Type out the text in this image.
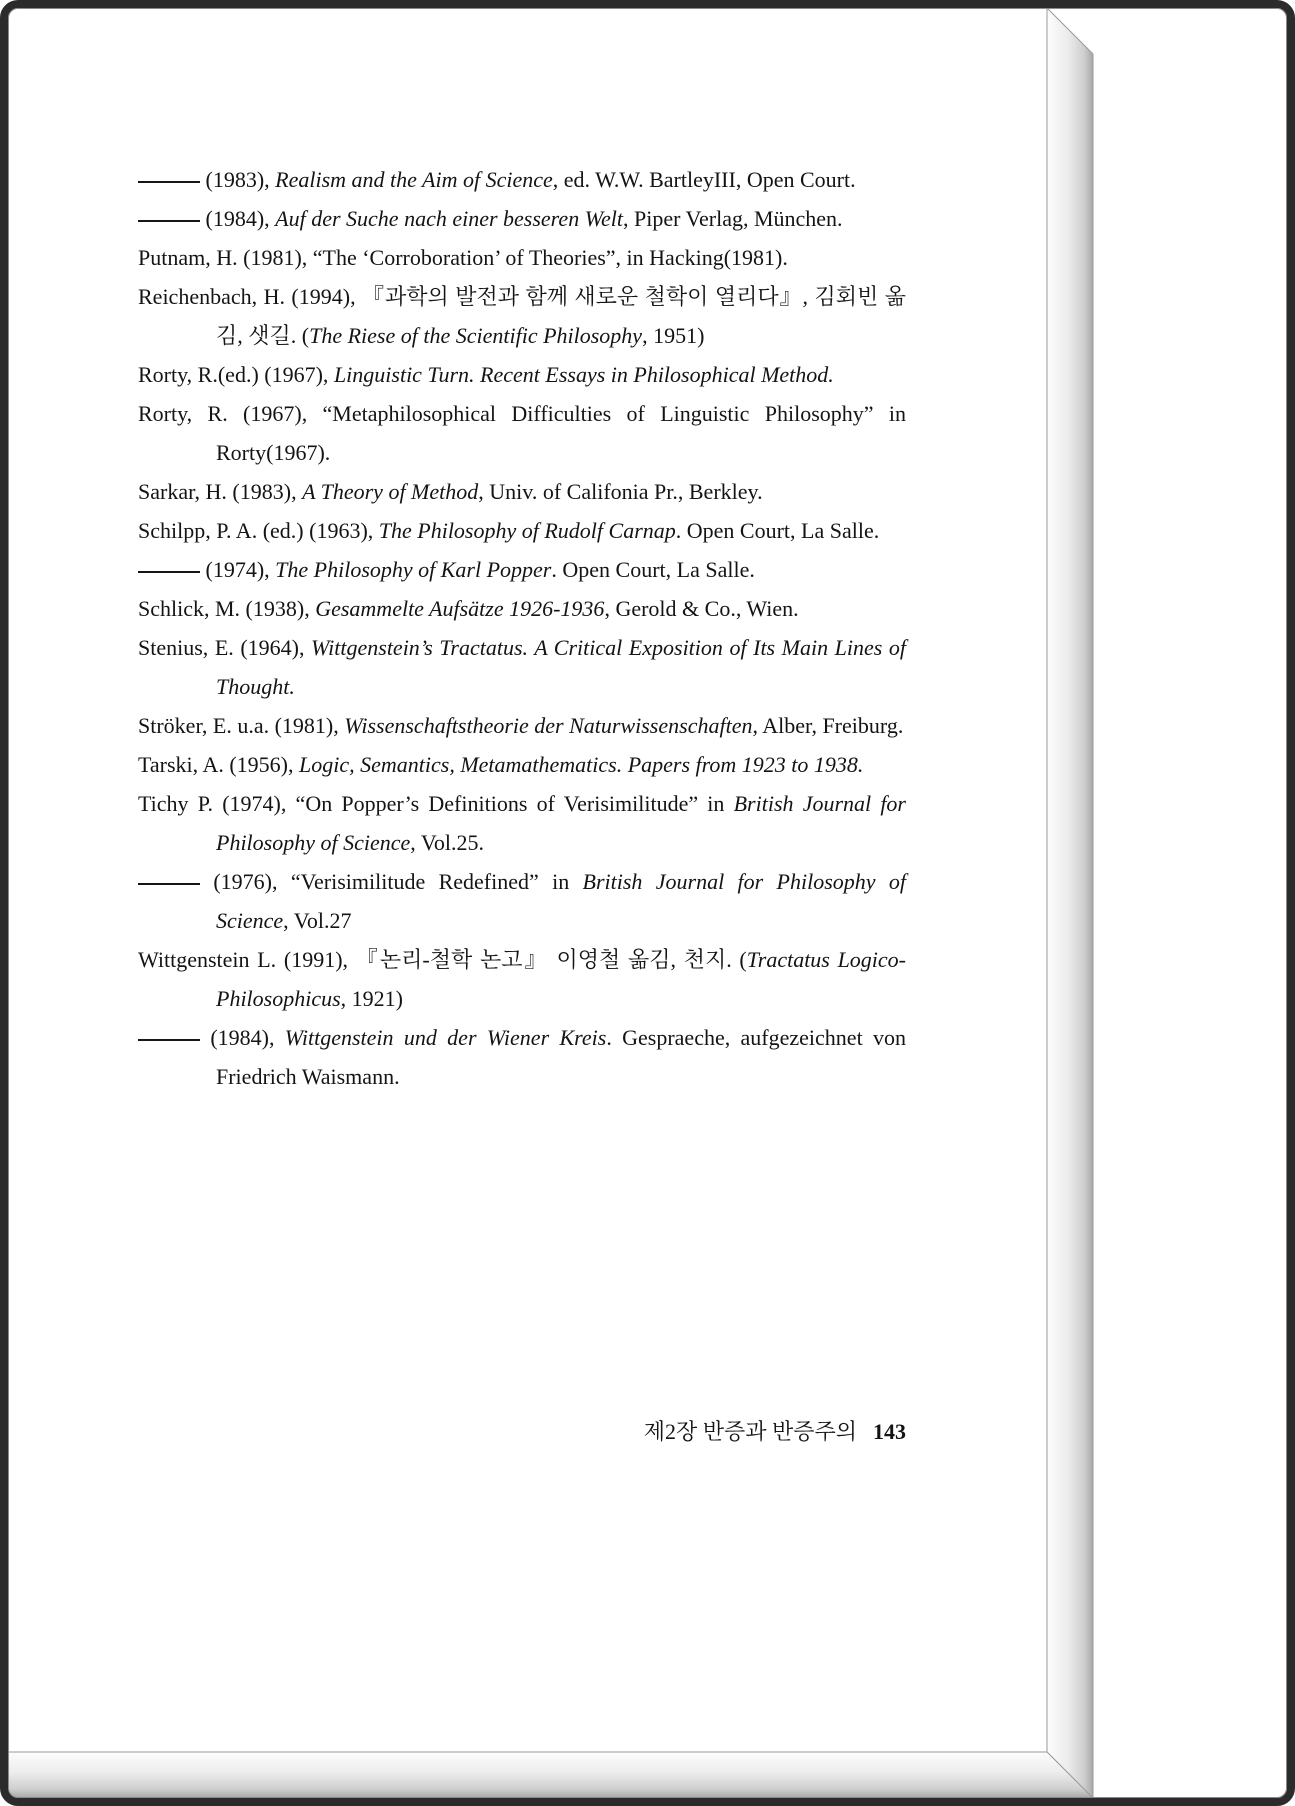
(1983), Realism and the Aim of Science, ed. W.W. BartleyIII, Open Court.

(1984), Auf der Suche nach einer besseren Welt, Piper Verlag, München.

Putnam, H. (1981), “The ‘Corroboration’ of Theories”, in Hacking(1981).

Reichenbach, H. (1994), 『과학의 발전과 함께 새로운 철학이 열리다』, 김회빈 옮김, 샛길. (The Riese of the Scientific Philosophy, 1951)

Rorty, R.(ed.) (1967), Linguistic Turn. Recent Essays in Philosophical Method.

Rorty, R. (1967), “Metaphilosophical Difficulties of Linguistic Philosophy” in Rorty(1967).

Sarkar, H. (1983), A Theory of Method, Univ. of Califonia Pr., Berkley.

Schilpp, P. A. (ed.) (1963), The Philosophy of Rudolf Carnap. Open Court, La Salle.

(1974), The Philosophy of Karl Popper. Open Court, La Salle.

Schlick, M. (1938), Gesammelte Aufsätze 1926-1936, Gerold & Co., Wien.

Stenius, E. (1964), Wittgenstein’s Tractatus. A Critical Exposition of Its Main Lines of Thought.

Ströker, E. u.a. (1981), Wissenschaftstheorie der Naturwissenschaften, Alber, Freiburg.

Tarski, A. (1956), Logic, Semantics, Metamathematics. Papers from 1923 to 1938.

Tichy P. (1974), “On Popper’s Definitions of Verisimilitude” in British Journal for Philosophy of Science, Vol.25.

(1976), “Verisimilitude Redefined” in British Journal for Philosophy of Science, Vol.27

Wittgenstein L. (1991), 『논리-철학 논고』 이영철 옮김, 천지. (Tractatus Logico-Philosophicus, 1921)

(1984), Wittgenstein und der Wiener Kreis. Gespraeche, aufgezeichnet von Friedrich Waismann.

제2장 반증과 반증주의 143
